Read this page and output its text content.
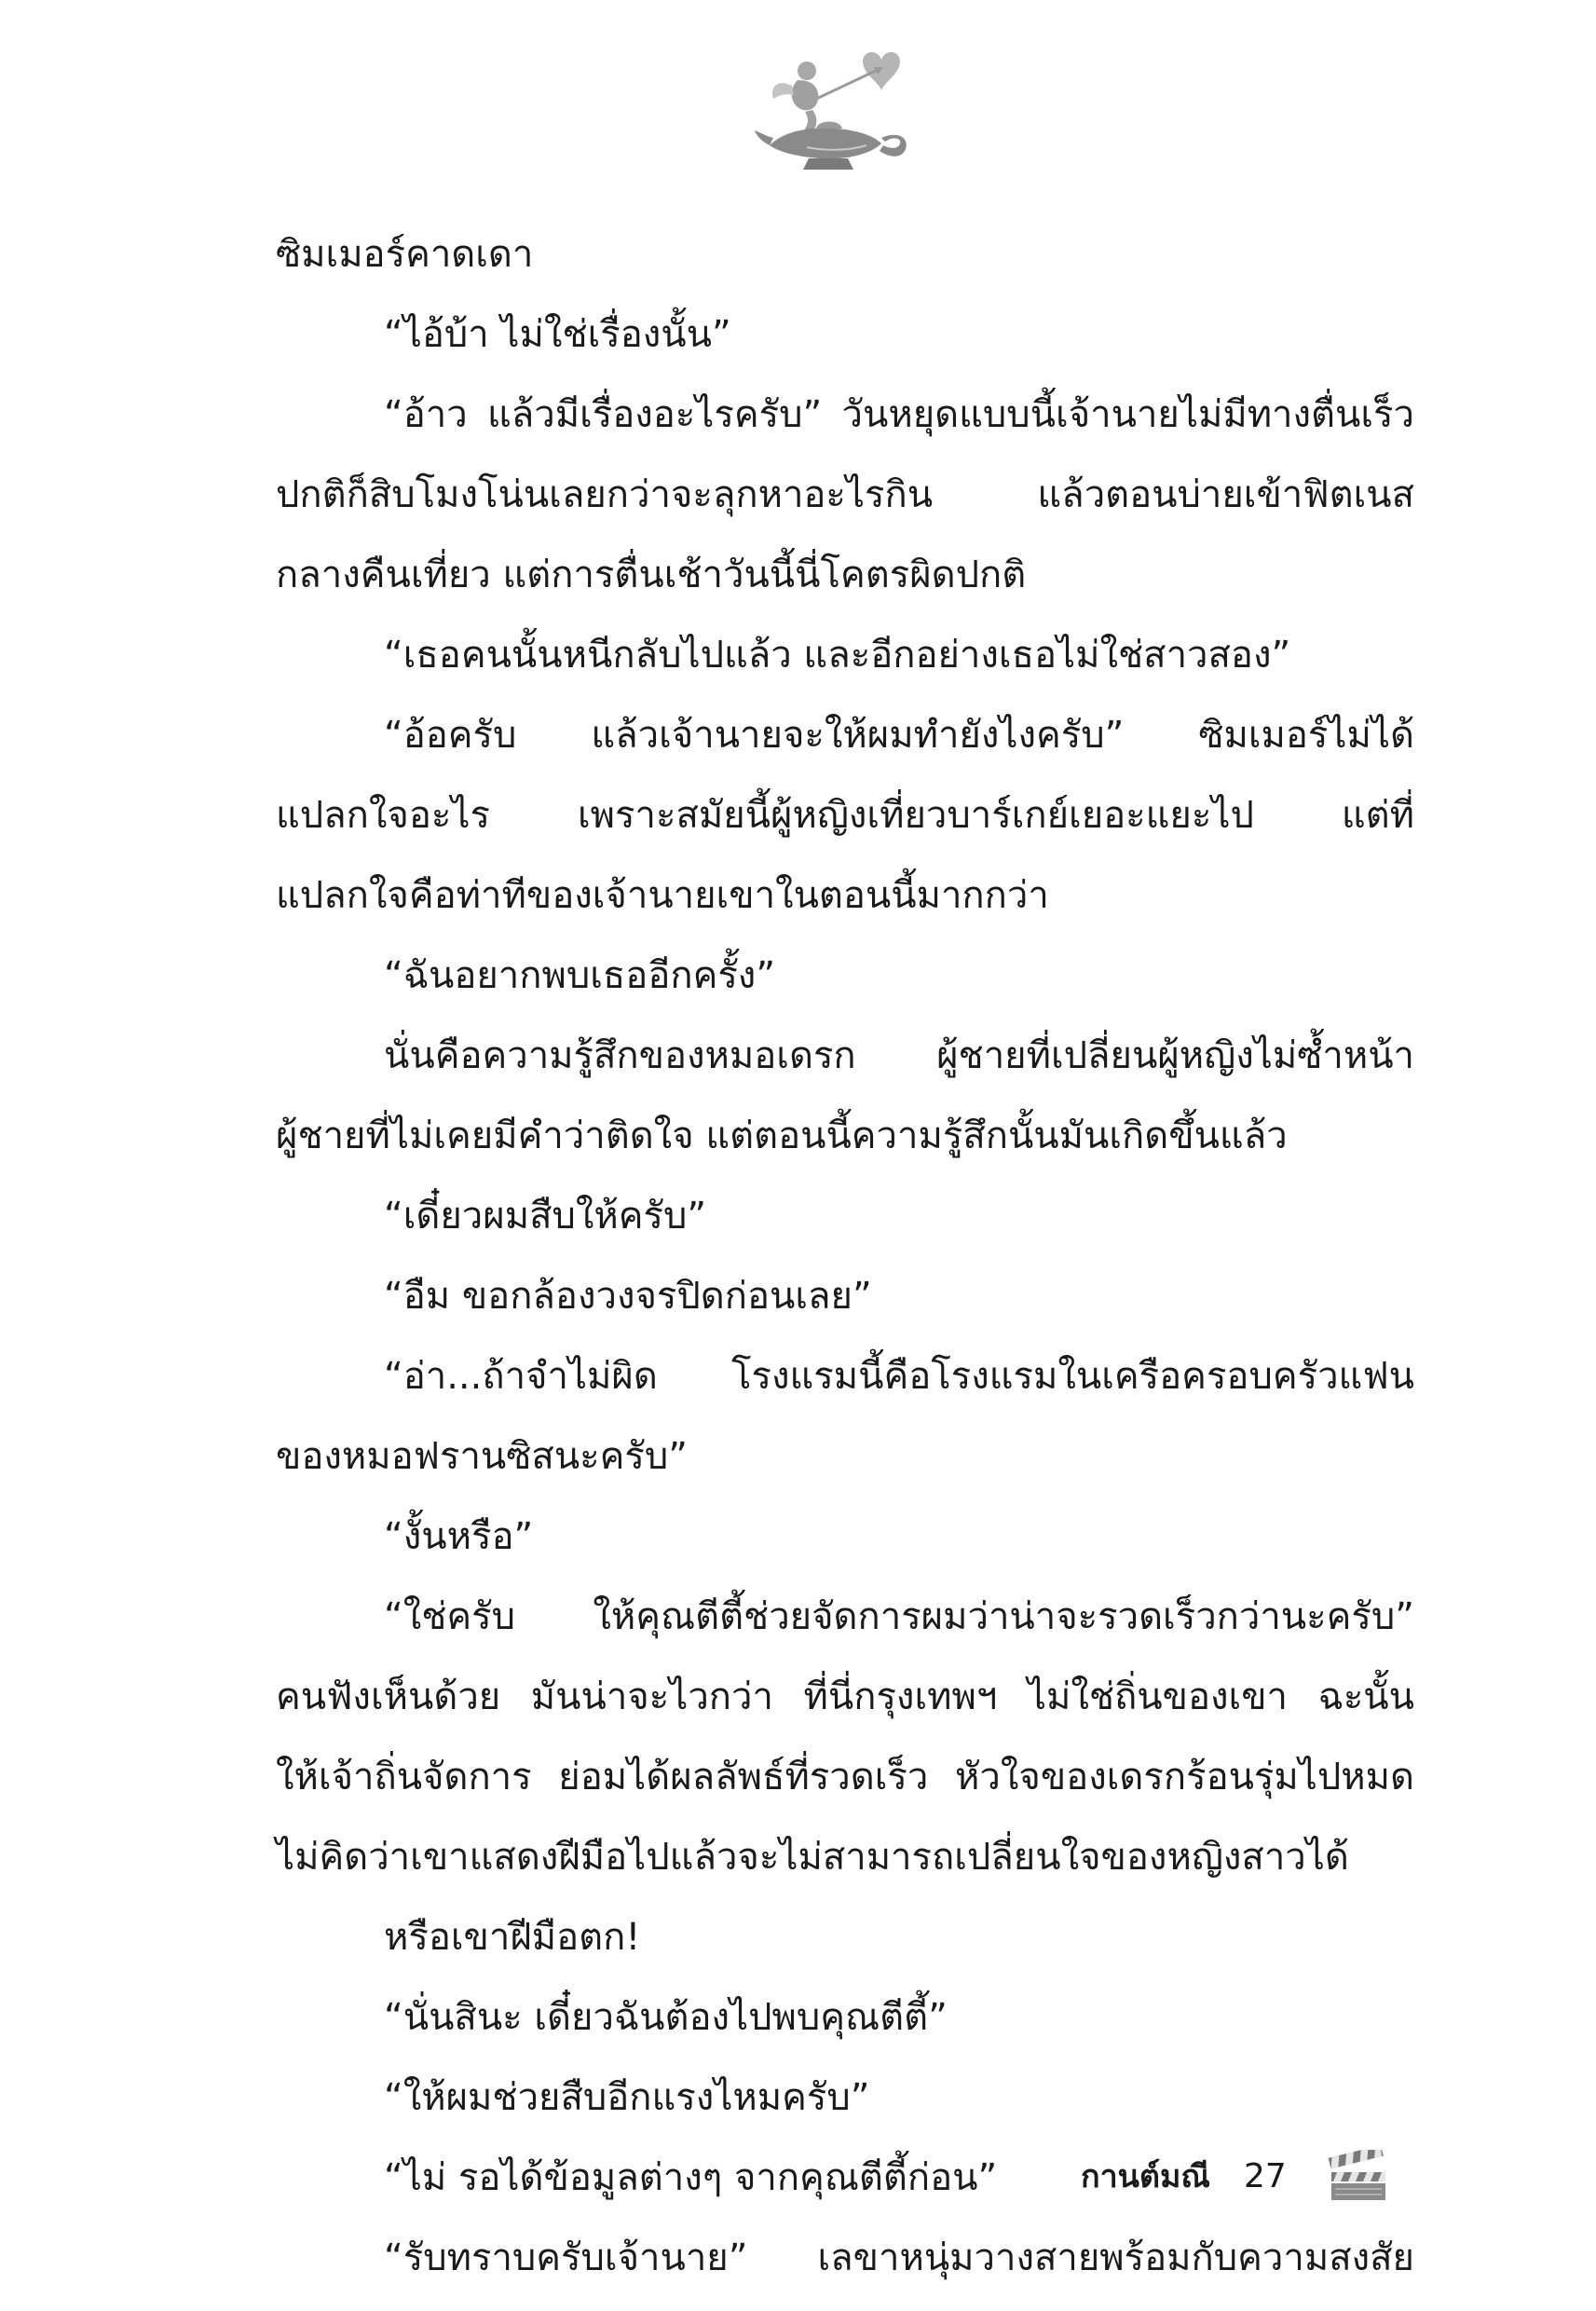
ซิมเมอร์คาดเดา
“ไอ้บ้า ไม่ใช่เรื่องนั้น”
“อ้าว แล้วมีเรื่องอะไรครับ” วันหยุดแบบนี้เจ้านายไม่มีทางตื่นเร็ว
ปกติก็สิบโมงโน่นเลยกว่าจะลุกหาอะไรกิน แล้วตอนบ่ายเข้าฟิตเนส
กลางคืนเที่ยว แต่การตื่นเช้าวันนี้นี่โคตรผิดปกติ
“เธอคนนั้นหนีกลับไปแล้ว และอีกอย่างเธอไม่ใช่สาวสอง”
“อ้อครับ แล้วเจ้านายจะให้ผมทำยังไงครับ” ซิมเมอร์ไม่ได้
แปลกใจอะไร เพราะสมัยนี้ผู้หญิงเที่ยวบาร์เกย์เยอะแยะไป แต่ที่
แปลกใจคือท่าทีของเจ้านายเขาในตอนนี้มากกว่า
“ฉันอยากพบเธออีกครั้ง”
นั่นคือความรู้สึกของหมอเดรก ผู้ชายที่เปลี่ยนผู้หญิงไม่ซ้ำหน้า
ผู้ชายที่ไม่เคยมีคำว่าติดใจ แต่ตอนนี้ความรู้สึกนั้นมันเกิดขึ้นแล้ว
“เดี๋ยวผมสืบให้ครับ”
“อืม ขอกล้องวงจรปิดก่อนเลย”
“อ่า...ถ้าจำไม่ผิด โรงแรมนี้คือโรงแรมในเครือครอบครัวแฟน
ของหมอฟรานซิสนะครับ”
“งั้นหรือ”
“ใช่ครับ ให้คุณตีตี้ช่วยจัดการผมว่าน่าจะรวดเร็วกว่านะครับ”
คนฟังเห็นด้วย มันน่าจะไวกว่า ที่นี่กรุงเทพฯ ไม่ใช่ถิ่นของเขา ฉะนั้น
ให้เจ้าถิ่นจัดการ ย่อมได้ผลลัพธ์ที่รวดเร็ว หัวใจของเดรกร้อนรุ่มไปหมด
ไม่คิดว่าเขาแสดงฝีมือไปแล้วจะไม่สามารถเปลี่ยนใจของหญิงสาวได้
หรือเขาฝีมือตก!
“นั่นสินะ เดี๋ยวฉันต้องไปพบคุณตีตี้”
“ให้ผมช่วยสืบอีกแรงไหมครับ”
“ไม่ รอได้ข้อมูลต่างๆ จากคุณตีตี้ก่อน”
“รับทราบครับเจ้านาย” เลขาหนุ่มวางสายพร้อมกับความสงสัย
กานต์มณี 27
